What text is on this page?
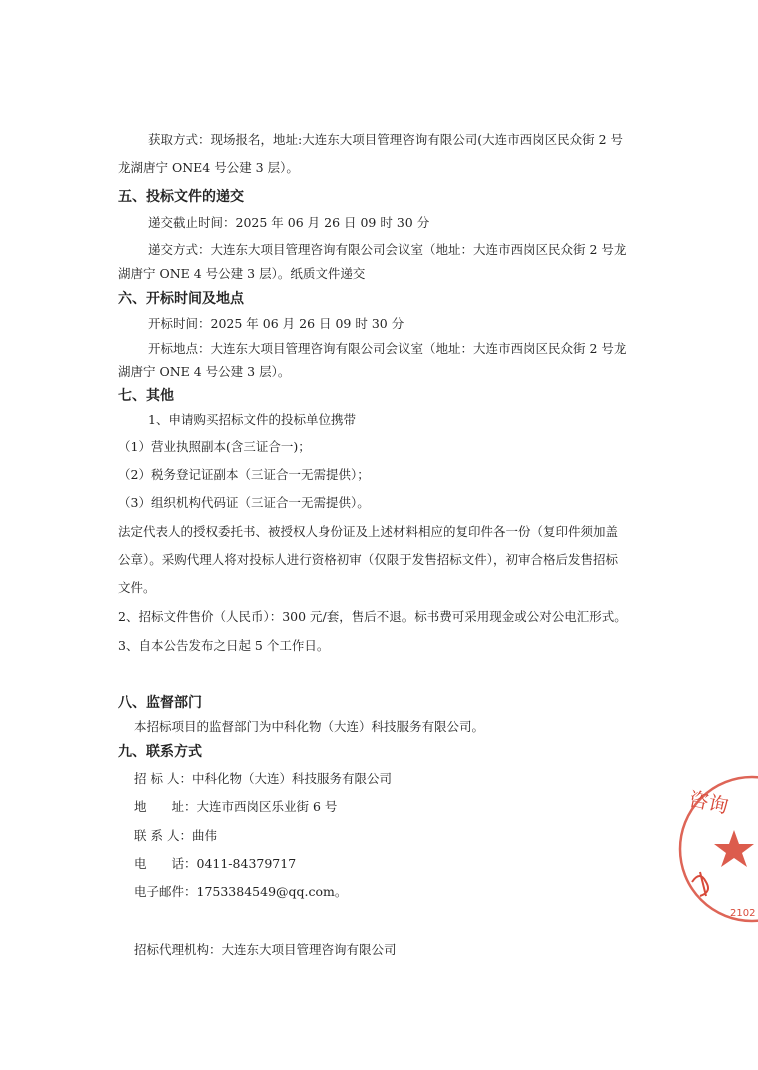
获取方式：现场报名，地址:大连东大项目管理咨询有限公司(大连市西岗区民众街 2 号
龙湖唐宁 ONE4 号公建 3 层）。
五、投标文件的递交
递交截止时间：2025 年 06 月 26 日 09 时 30 分
递交方式：大连东大项目管理咨询有限公司会议室（地址：大连市西岗区民众街 2 号龙
湖唐宁 ONE 4 号公建 3 层）。纸质文件递交
六、开标时间及地点
开标时间：2025 年 06 月 26 日 09 时 30 分
开标地点：大连东大项目管理咨询有限公司会议室（地址：大连市西岗区民众街 2 号龙
湖唐宁 ONE 4 号公建 3 层）。
七、其他
1、申请购买招标文件的投标单位携带
（1）营业执照副本(含三证合一)；
（2）税务登记证副本（三证合一无需提供）；
（3）组织机构代码证（三证合一无需提供）。
法定代表人的授权委托书、被授权人身份证及上述材料相应的复印件各一份（复印件须加盖
公章）。采购代理人将对投标人进行资格初审（仅限于发售招标文件），初审合格后发售招标
文件。
2、招标文件售价（人民币）：300 元/套，售后不退。标书费可采用现金或公对公电汇形式。
3、自本公告发布之日起 5 个工作日。
八、监督部门
本招标项目的监督部门为中科化物（大连）科技服务有限公司。
九、联系方式
招 标 人：中科化物（大连）科技服务有限公司
地　　址：大连市西岗区乐业街 6 号
联 系 人：曲伟
电　　话：0411-84379717
电子邮件：1753384549@qq.com。
招标代理机构：大连东大项目管理咨询有限公司
咨询
2102
